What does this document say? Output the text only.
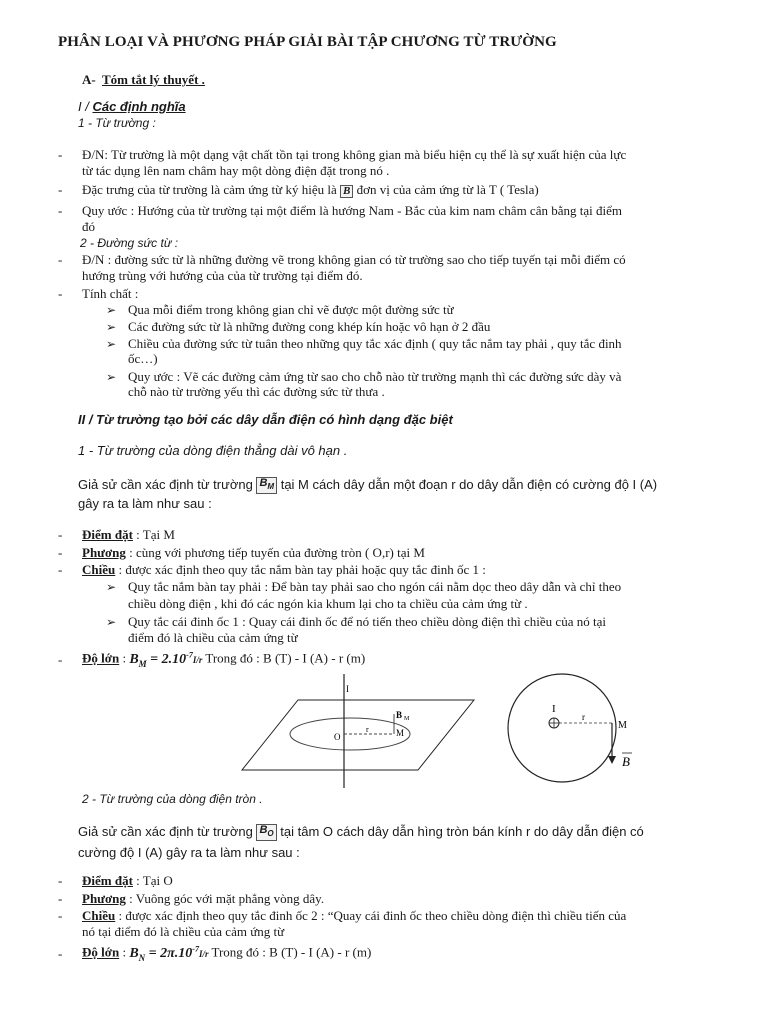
PHÂN LOẠI VÀ PHƯƠNG PHÁP GIẢI BÀI TẬP CHƯƠNG TỪ TRƯỜNG
A- Tóm tắt lý thuyết .
I / Các định nghĩa
1 - Từ trường :
- Đ/N: Từ trường là một dạng vật chất tồn tại trong không gian mà biểu hiện cụ thể là sự xuất hiện của lực
từ tác dụng lên nam châm hay một dòng điện đặt trong nó .
- Đặc trưng của từ trường là cảm ứng từ ký hiệu là B đơn vị của cảm ứng từ là T ( Tesla)
- Quy ước : Hướng của từ trường tại một điểm là hướng Nam - Bắc của kim nam châm cân bằng tại điểm
đó
2 - Đường sức từ :
- Đ/N : đường sức từ là những đường vẽ trong không gian có từ trường sao cho tiếp tuyến tại mỗi điểm có
hướng trùng với hướng của của từ trường tại điểm đó.
- Tính chất :
➢ Qua mỗi điểm trong không gian chỉ vẽ được một đường sức từ
➢ Các đường sức từ là những đường cong khép kín hoặc vô hạn ở 2 đầu
➢ Chiều của đường sức từ tuân theo những quy tắc xác định ( quy tắc nắm tay phải , quy tắc đinh
ốc…)
➢ Quy ước : Vẽ các đường cảm ứng từ sao cho chỗ nào từ trường mạnh thì các đường sức dày và
chỗ nào từ trường yếu thì các đường sức từ thưa .
II / Từ trường tạo bởi các dây dẫn điện có hình dạng đặc biệt
1 - Từ trường của dòng điện thẳng dài vô hạn .
Giả sử cần xác định từ trường $B_M$ tại M cách dây dẫn một đoạn r do dây dẫn điện có cường độ I (A)
gây ra ta làm như sau :
- Điểm đặt : Tại M
- Phương : cùng với phương tiếp tuyến của đường tròn ( O,r) tại M
- Chiều : được xác định theo quy tắc nắm bàn tay phải hoặc quy tắc đinh ốc 1 :
➢ Quy tắc nắm bàn tay phải : Để bàn tay phải sao cho ngón cái nằm dọc theo dây dẫn và chỉ theo
chiều dòng điện , khi đó các ngón kia khum lại cho ta chiều của cảm ứng từ .
➢ Quy tắc cái đinh ốc 1 : Quay cái đinh ốc để nó tiến theo chiều dòng điện thì chiều của nó tại
điểm đó là chiều của cảm ứng từ
- Độ lớn : $B_M = 2.10^{-7}I/r$ Trong đó : B (T) - I (A) - r (m)
I
O
r
B M
M
I
r
M
B
2 - Từ trường của dòng điện tròn .
Giả sử cần xác định từ trường $B_O$ tại tâm O cách dây dẫn hìng tròn bán kính r do dây dẫn điện có
cường độ I (A) gây ra ta làm như sau :
- Điểm đặt : Tại O
- Phương : Vuông góc với mặt phẳng vòng dây.
- Chiều : được xác định theo quy tắc đinh ốc 2 : “Quay cái đinh ốc theo chiều dòng điện thì chiều tiến của
nó tại điểm đó là chiều của cảm ứng từ
- Độ lớn : $B_N = 2\pi.10^{-7}I/r$ Trong đó : B (T) - I (A) - r (m)
